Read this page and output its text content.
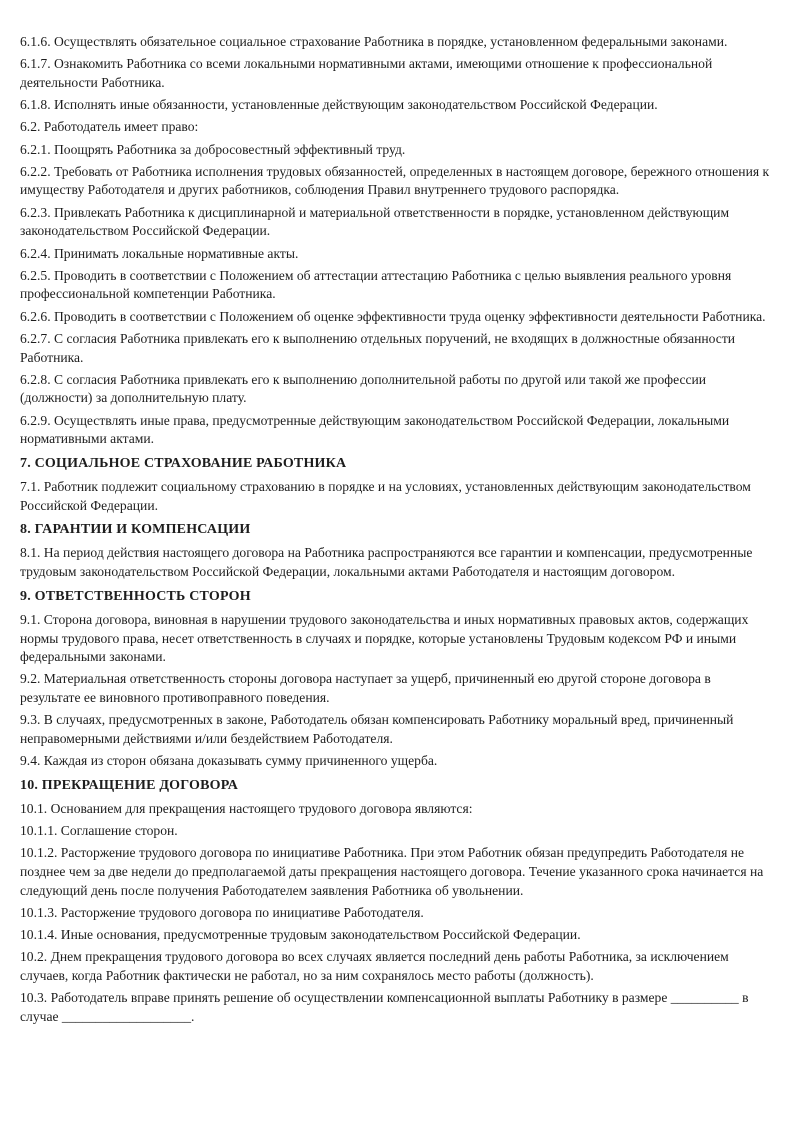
6.1.6. Осуществлять обязательное социальное страхование Работника в порядке, установленном федеральными законами.

6.1.7. Ознакомить Работника со всеми локальными нормативными актами, имеющими отношение к профессиональной деятельности Работника.

6.1.8. Исполнять иные обязанности, установленные действующим законодательством Российской Федерации.

6.2. Работодатель имеет право:

6.2.1. Поощрять Работника за добросовестный эффективный труд.

6.2.2. Требовать от Работника исполнения трудовых обязанностей, определенных в настоящем договоре, бережного отношения к имуществу Работодателя и других работников, соблюдения Правил внутреннего трудового распорядка.

6.2.3. Привлекать Работника к дисциплинарной и материальной ответственности в порядке, установленном действующим законодательством Российской Федерации.

6.2.4. Принимать локальные нормативные акты.

6.2.5. Проводить в соответствии с Положением об аттестации аттестацию Работника с целью выявления реального уровня профессиональной компетенции Работника.

6.2.6. Проводить в соответствии с Положением об оценке эффективности труда оценку эффективности деятельности Работника.

6.2.7. С согласия Работника привлекать его к выполнению отдельных поручений, не входящих в должностные обязанности Работника.

6.2.8. С согласия Работника привлекать его к выполнению дополнительной работы по другой или такой же профессии (должности) за дополнительную плату.

6.2.9. Осуществлять иные права, предусмотренные действующим законодательством Российской Федерации, локальными нормативными актами.

7. СОЦИАЛЬНОЕ СТРАХОВАНИЕ РАБОТНИКА

7.1. Работник подлежит социальному страхованию в порядке и на условиях, установленных действующим законодательством Российской Федерации.

8. ГАРАНТИИ И КОМПЕНСАЦИИ

8.1. На период действия настоящего договора на Работника распространяются все гарантии и компенсации, предусмотренные трудовым законодательством Российской Федерации, локальными актами Работодателя и настоящим договором.

9. ОТВЕТСТВЕННОСТЬ СТОРОН

9.1. Сторона договора, виновная в нарушении трудового законодательства и иных нормативных правовых актов, содержащих нормы трудового права, несет ответственность в случаях и порядке, которые установлены Трудовым кодексом РФ и иными федеральными законами.

9.2. Материальная ответственность стороны договора наступает за ущерб, причиненный ею другой стороне договора в результате ее виновного противоправного поведения.

9.3. В случаях, предусмотренных в законе, Работодатель обязан компенсировать Работнику моральный вред, причиненный неправомерными действиями и/или бездействием Работодателя.

9.4. Каждая из сторон обязана доказывать сумму причиненного ущерба.

10. ПРЕКРАЩЕНИЕ ДОГОВОРА

10.1. Основанием для прекращения настоящего трудового договора являются:

10.1.1. Соглашение сторон.

10.1.2. Расторжение трудового договора по инициативе Работника. При этом Работник обязан предупредить Работодателя не позднее чем за две недели до предполагаемой даты прекращения настоящего договора. Течение указанного срока начинается на следующий день после получения Работодателем заявления Работника об увольнении.

10.1.3. Расторжение трудового договора по инициативе Работодателя.

10.1.4. Иные основания, предусмотренные трудовым законодательством Российской Федерации.

10.2. Днем прекращения трудового договора во всех случаях является последний день работы Работника, за исключением случаев, когда Работник фактически не работал, но за ним сохранялось место работы (должность).

10.3. Работодатель вправе принять решение об осуществлении компенсационной выплаты Работнику в размере __________ в случае ___________________.
